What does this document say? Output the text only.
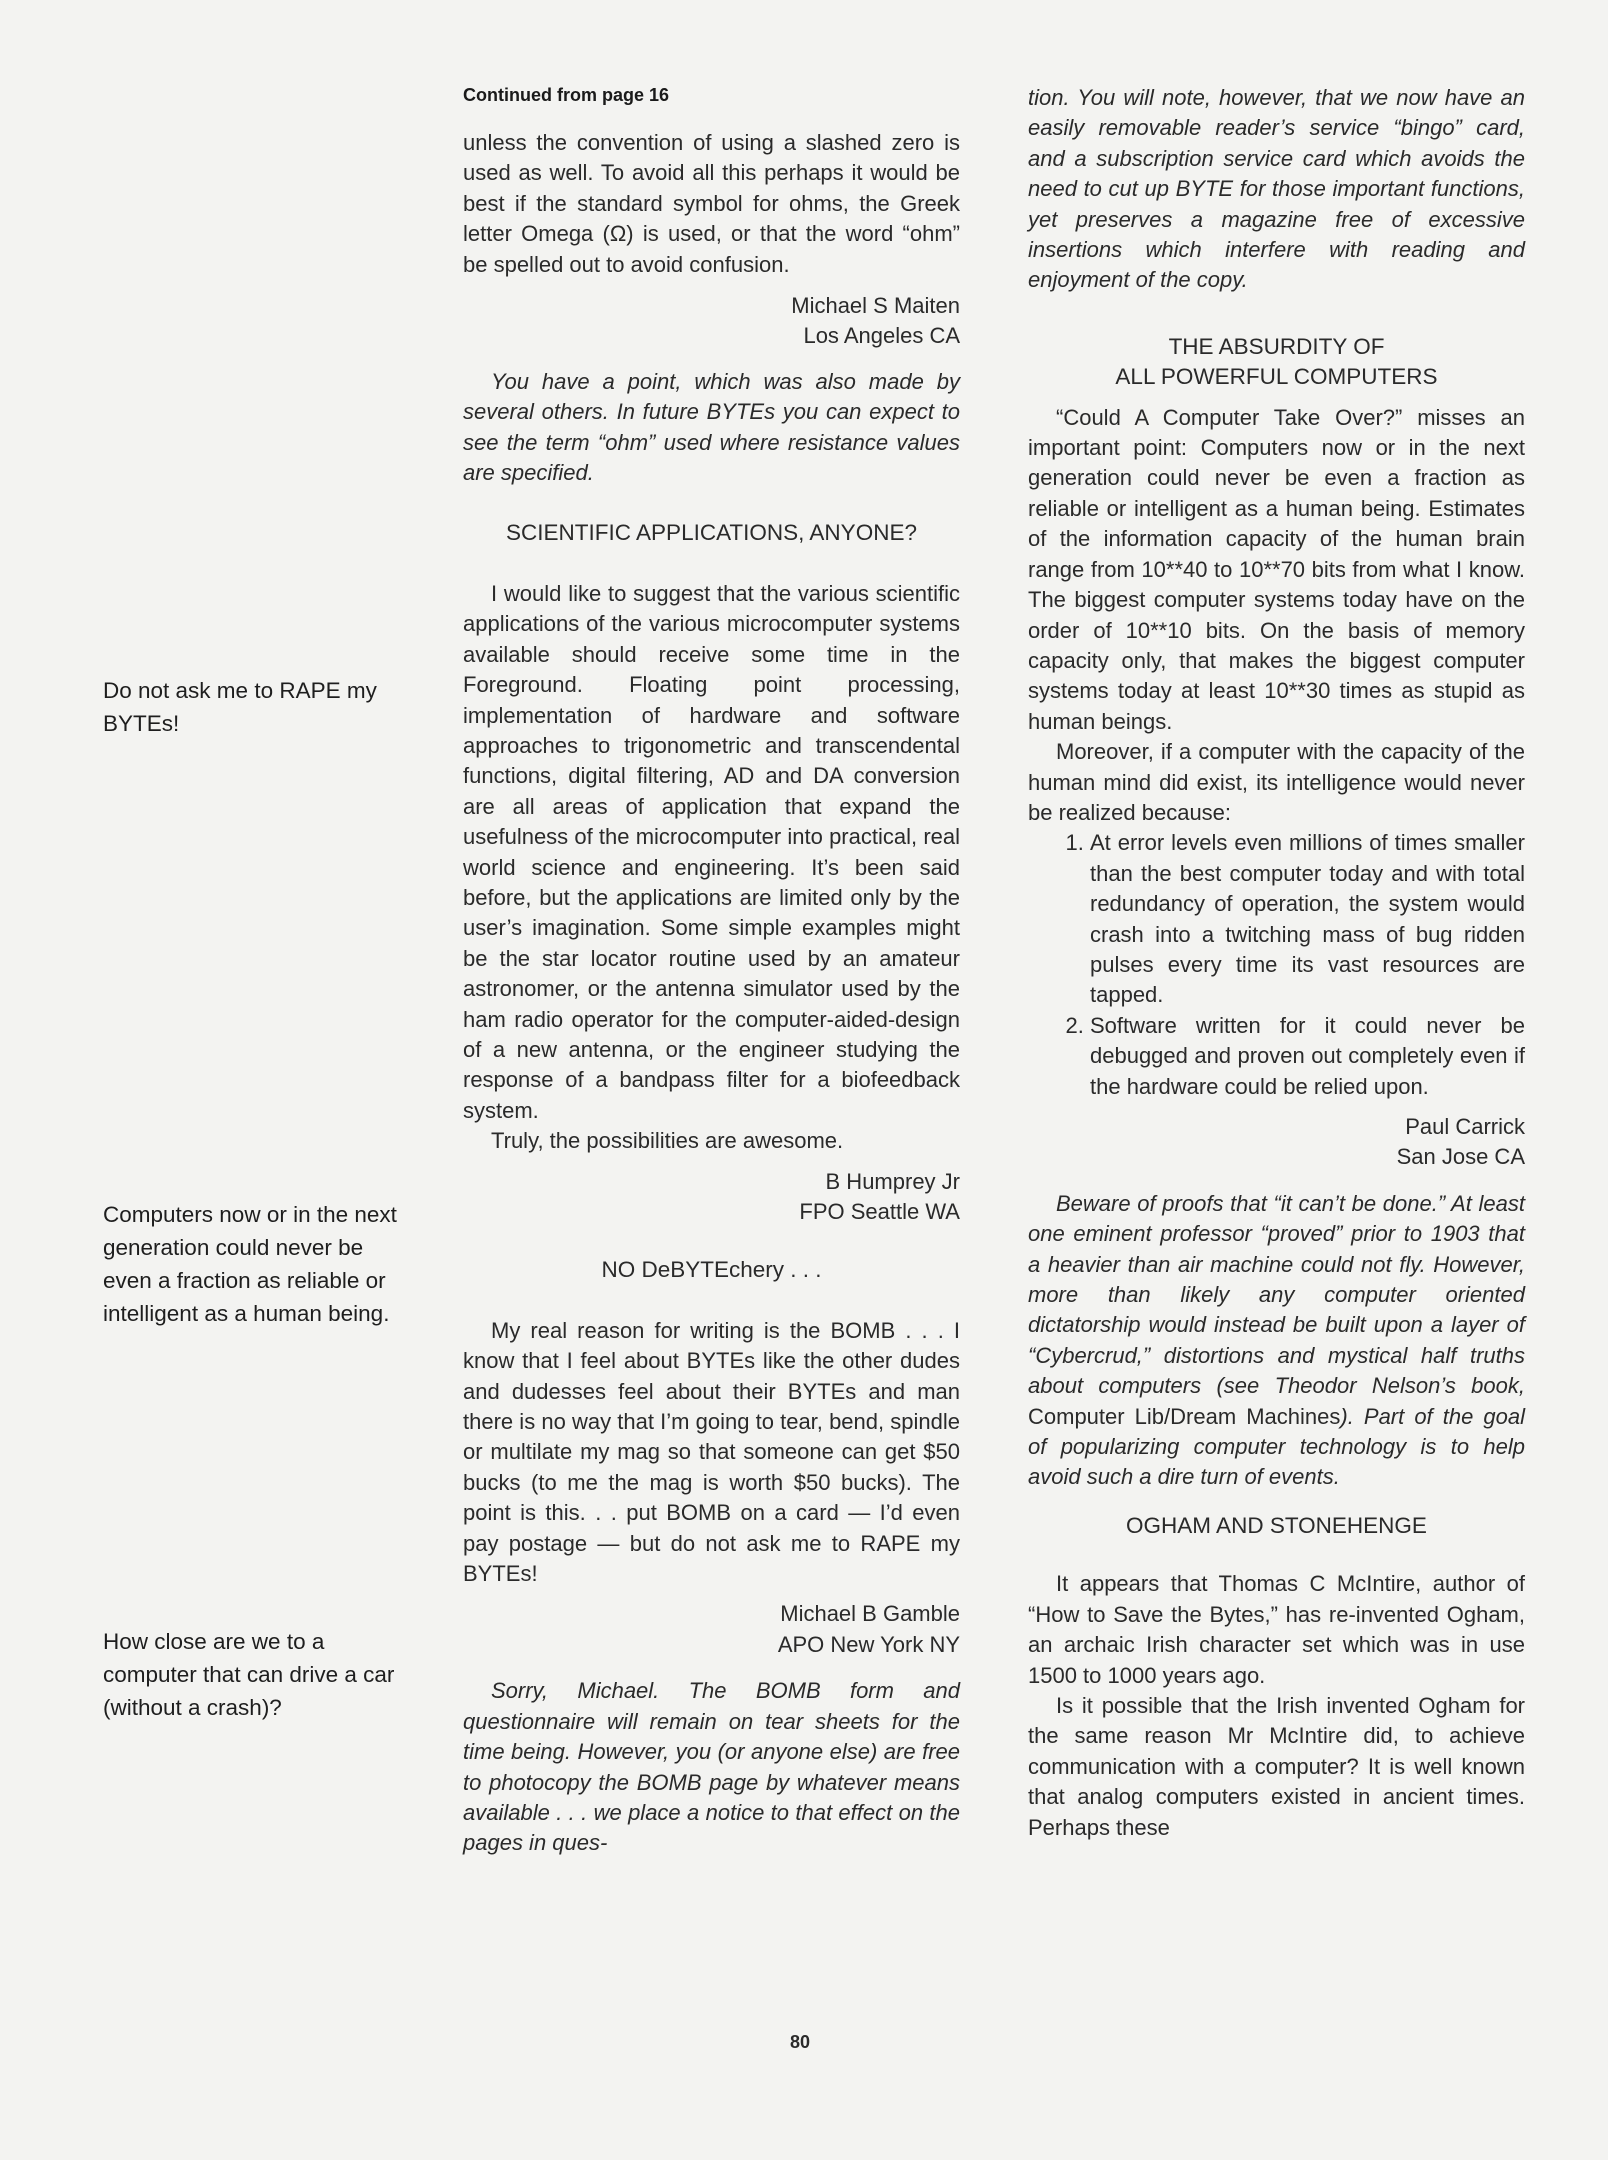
Do not ask me to RAPE my BYTEs!
Computers now or in the next generation could never be even a fraction as reliable or intelligent as a human being.
How close are we to a computer that can drive a car (without a crash)?
Continued from page 16

unless the convention of using a slashed zero is used as well. To avoid all this perhaps it would be best if the standard symbol for ohms, the Greek letter Omega (Ω) is used, or that the word “ohm” be spelled out to avoid confusion.

Michael S Maiten
Los Angeles CA

You have a point, which was also made by several others. In future BYTEs you can expect to see the term “ohm” used where resistance values are specified.

SCIENTIFIC APPLICATIONS, ANYONE?

I would like to suggest that the various scientific applications of the various microcomputer systems available should receive some time in the Foreground. Floating point processing, implementation of hardware and software approaches to trigonometric and transcendental functions, digital filtering, AD and DA conversion are all areas of application that expand the usefulness of the microcomputer into practical, real world science and engineering. It’s been said before, but the applications are limited only by the user’s imagination. Some simple examples might be the star locator routine used by an amateur astronomer, or the antenna simulator used by the ham radio operator for the computer-aided-design of a new antenna, or the engineer studying the response of a bandpass filter for a biofeedback system.

Truly, the possibilities are awesome.

B Humprey Jr
FPO Seattle WA
NO DeBYTEchery . . .

My real reason for writing is the BOMB . . . I know that I feel about BYTEs like the other dudes and dudesses feel about their BYTEs and man there is no way that I’m going to tear, bend, spindle or multilate my mag so that someone can get $50 bucks (to me the mag is worth $50 bucks). The point is this. . . put BOMB on a card — I’d even pay postage — but do not ask me to RAPE my BYTEs!

Michael B Gamble
APO New York NY

Sorry, Michael. The BOMB form and questionnaire will remain on tear sheets for the time being. However, you (or anyone else) are free to photocopy the BOMB page by whatever means available . . . we place a notice to that effect on the pages in ques-

tion. You will note, however, that we now have an easily removable reader’s service “bingo” card, and a subscription service card which avoids the need to cut up BYTE for those important functions, yet preserves a magazine free of excessive insertions which interfere with reading and enjoyment of the copy.

THE ABSURDITY OF
ALL POWERFUL COMPUTERS

“Could A Computer Take Over?” misses an important point: Computers now or in the next generation could never be even a fraction as reliable or intelligent as a human being. Estimates of the information capacity of the human brain range from 10**40 to 10**70 bits from what I know. The biggest computer systems today have on the order of 10**10 bits. On the basis of memory capacity only, that makes the biggest computer systems today at least 10**30 times as stupid as human beings.

Moreover, if a computer with the capacity of the human mind did exist, its intelligence would never be realized because:

1. At error levels even millions of times smaller than the best computer today and with total redundancy of operation, the system would crash into a twitching mass of bug ridden pulses every time its vast resources are tapped.
2. Software written for it could never be debugged and proven out completely even if the hardware could be relied upon.
Paul Carrick
San Jose CA

Beware of proofs that “it can’t be done.” At least one eminent professor “proved” prior to 1903 that a heavier than air machine could not fly. However, more than likely any computer oriented dictatorship would instead be built upon a layer of “Cybercrud,” distortions and mystical half truths about computers (see Theodor Nelson’s book, Computer Lib/Dream Machines). Part of the goal of popularizing computer technology is to help avoid such a dire turn of events.

OGHAM AND STONEHENGE

It appears that Thomas C McIntire, author of “How to Save the Bytes,” has re-invented Ogham, an archaic Irish character set which was in use 1500 to 1000 years ago.

Is it possible that the Irish invented Ogham for the same reason Mr McIntire did, to achieve communication with a computer? It is well known that analog computers existed in ancient times. Perhaps these

80
